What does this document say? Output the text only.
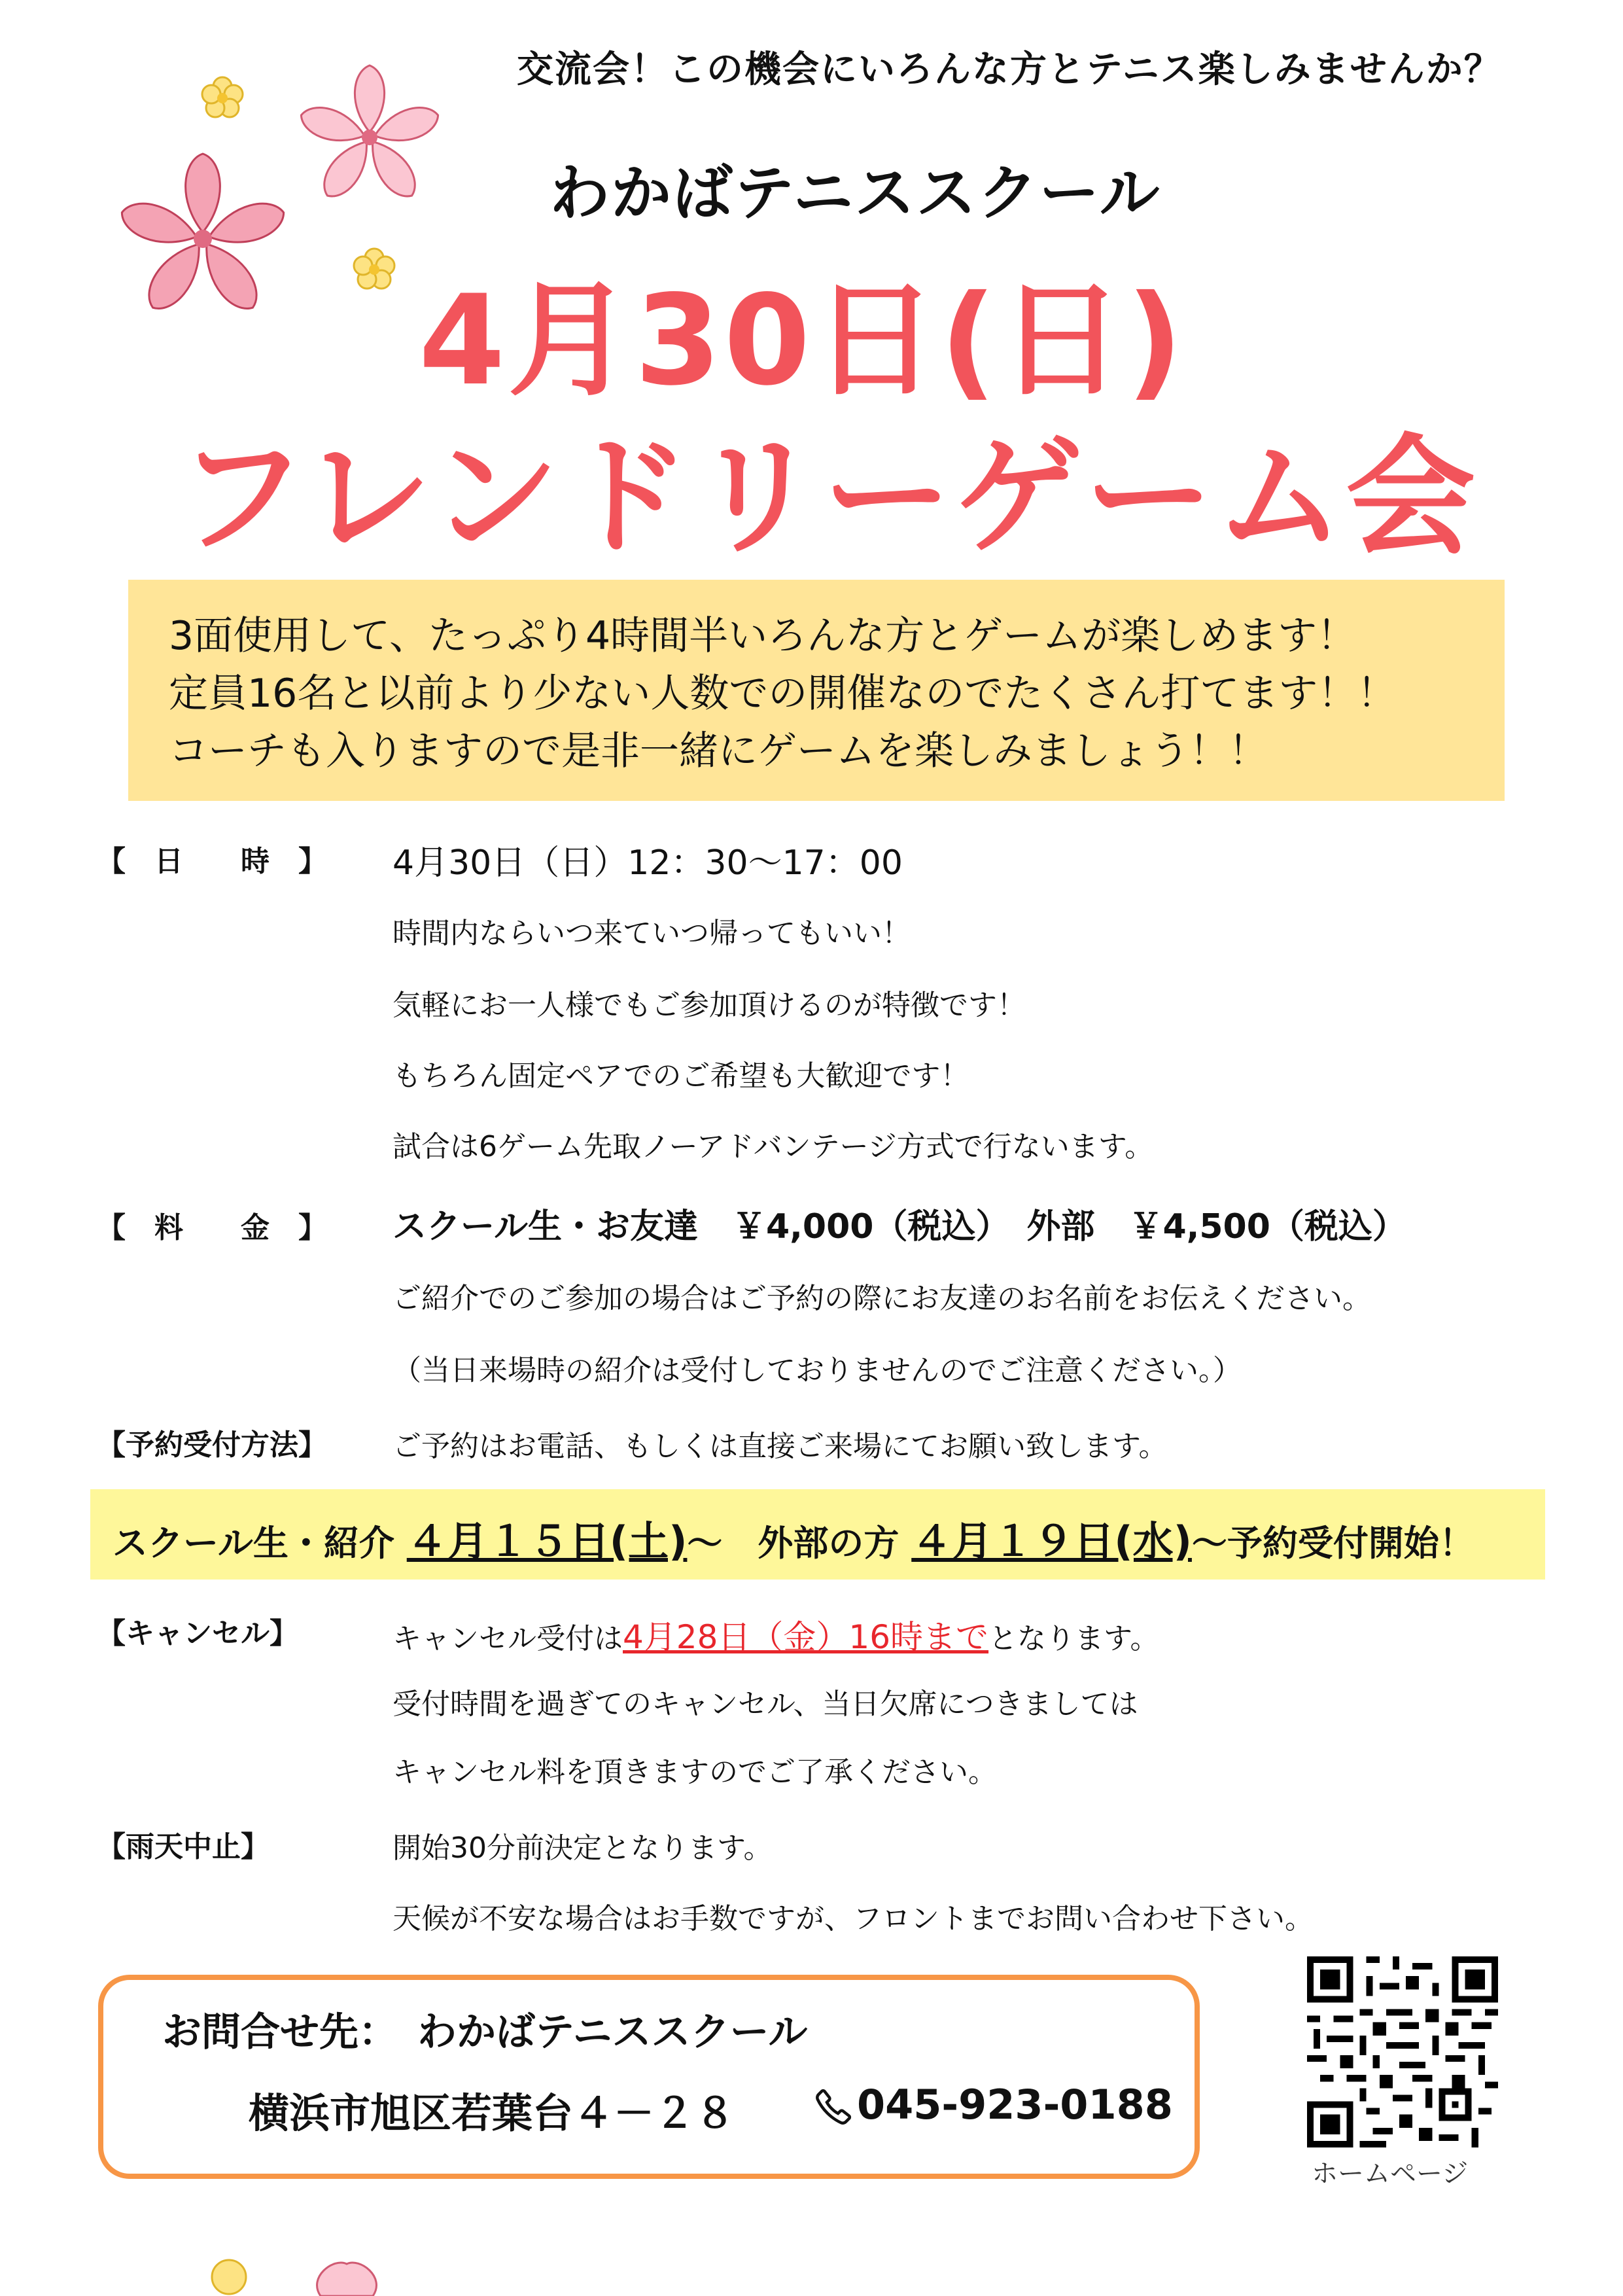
交流会！この機会にいろんな方とテニス楽しみませんか？
わかばテニススクール
4月30日(日)
フレンドリーゲーム会
3面使用して、たっぷり4時間半いろんな方とゲームが楽しめます！
定員16名と以前より少ない人数での開催なのでたくさん打てます！！
コーチも入りますので是非一緒にゲームを楽しみましょう！！
【　日　　時　】 4月30日（日）12：30〜17：00
時間内ならいつ来ていつ帰ってもいい！
気軽にお一人様でもご参加頂けるのが特徴です！
もちろん固定ペアでのご希望も大歓迎です！
試合は6ゲーム先取ノーアドバンテージ方式で行ないます。
【　料　　金　】 スクール生・お友達　￥4,000（税込）　外部　￥4,500（税込）
ご紹介でのご参加の場合はご予約の際にお友達のお名前をお伝えください。
（当日来場時の紹介は受付しておりませんのでご注意ください。）
【予約受付方法】 ご予約はお電話、もしくは直接ご来場にてお願い致します。
スクール生・紹介 ４月１５日(土)〜　外部の方 ４月１９日(水)〜予約受付開始！
【キャンセル】	キャンセル受付は4月28日（金）16時までとなります。
受付時間を過ぎてのキャンセル、当日欠席につきましては
キャンセル料を頂きますのでご了承ください。
【雨天中止】	開始30分前決定となります。
天候が不安な場合はお手数ですが、フロントまでお問い合わせ下さい。
お問合せ先：　わかばテニススクール
横浜市旭区若葉台４－２８	045-923-0188
ホームページ
